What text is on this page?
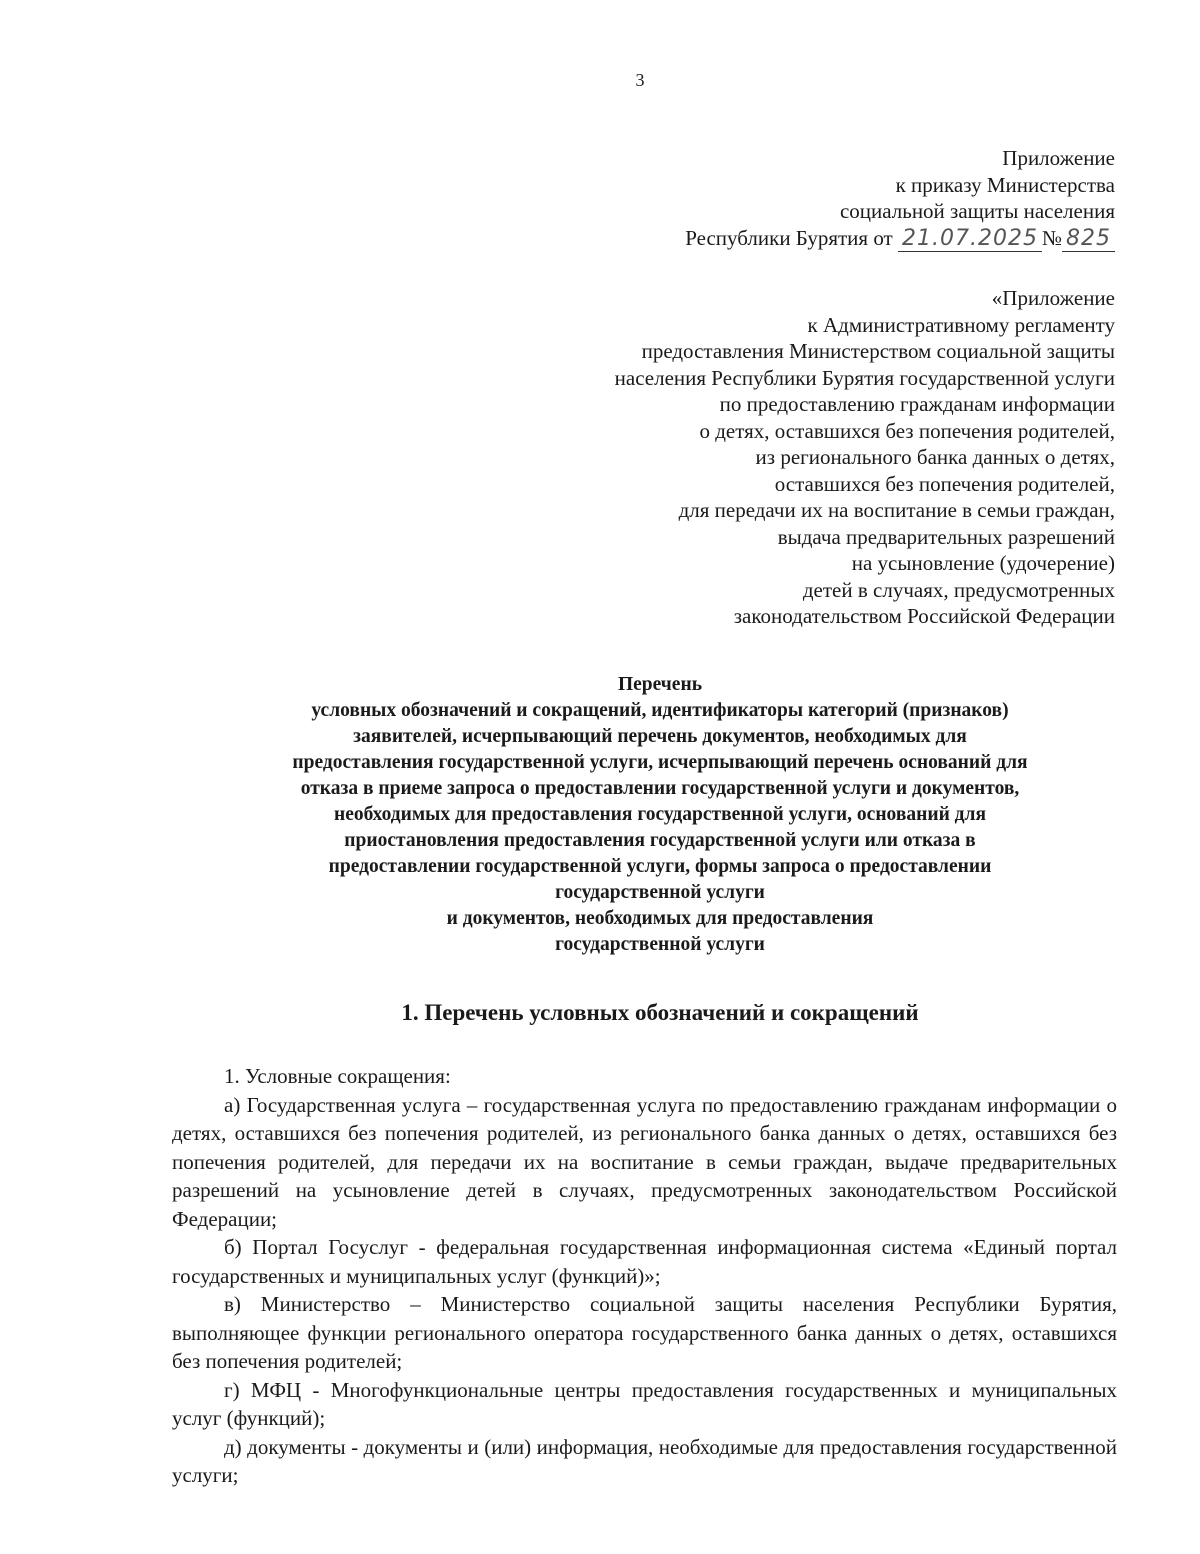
3
Приложение
к приказу Министерства
социальной защиты населения
Республики Бурятия от 21.07.2025 № 825
«Приложение
к Административному регламенту
предоставления Министерством социальной защиты
населения Республики Бурятия государственной услуги
по предоставлению гражданам информации
о детях, оставшихся без попечения родителей,
из регионального банка данных о детях,
оставшихся без попечения родителей,
для передачи их на воспитание в семьи граждан,
выдача предварительных разрешений
на усыновление (удочерение)
детей в случаях, предусмотренных
законодательством Российской Федерации
Перечень
условных обозначений и сокращений, идентификаторы категорий (признаков)
заявителей, исчерпывающий перечень документов, необходимых для
предоставления государственной услуги, исчерпывающий перечень оснований для
отказа в приеме запроса о предоставлении государственной услуги и документов,
необходимых для предоставления государственной услуги, оснований для
приостановления предоставления государственной услуги или отказа в
предоставлении государственной услуги, формы запроса о предоставлении
государственной услуги
и документов, необходимых для предоставления
государственной услуги
1. Перечень условных обозначений и сокращений

1. Условные сокращения:

а) Государственная услуга – государственная услуга по предоставлению гражданам информации о детях, оставшихся без попечения родителей, из регионального банка данных о детях, оставшихся без попечения родителей, для передачи их на воспитание в семьи граждан, выдаче предварительных разрешений на усыновление детей в случаях, предусмотренных законодательством Российской Федерации;

б) Портал Госуслуг - федеральная государственная информационная система «Единый портал государственных и муниципальных услуг (функций)»;

в) Министерство – Министерство социальной защиты населения Республики Бурятия, выполняющее функции регионального оператора государственного банка данных о детях, оставшихся без попечения родителей;

г) МФЦ - Многофункциональные центры предоставления государственных и муниципальных услуг (функций);

д) документы - документы и (или) информация, необходимые для предоставления государственной услуги;
